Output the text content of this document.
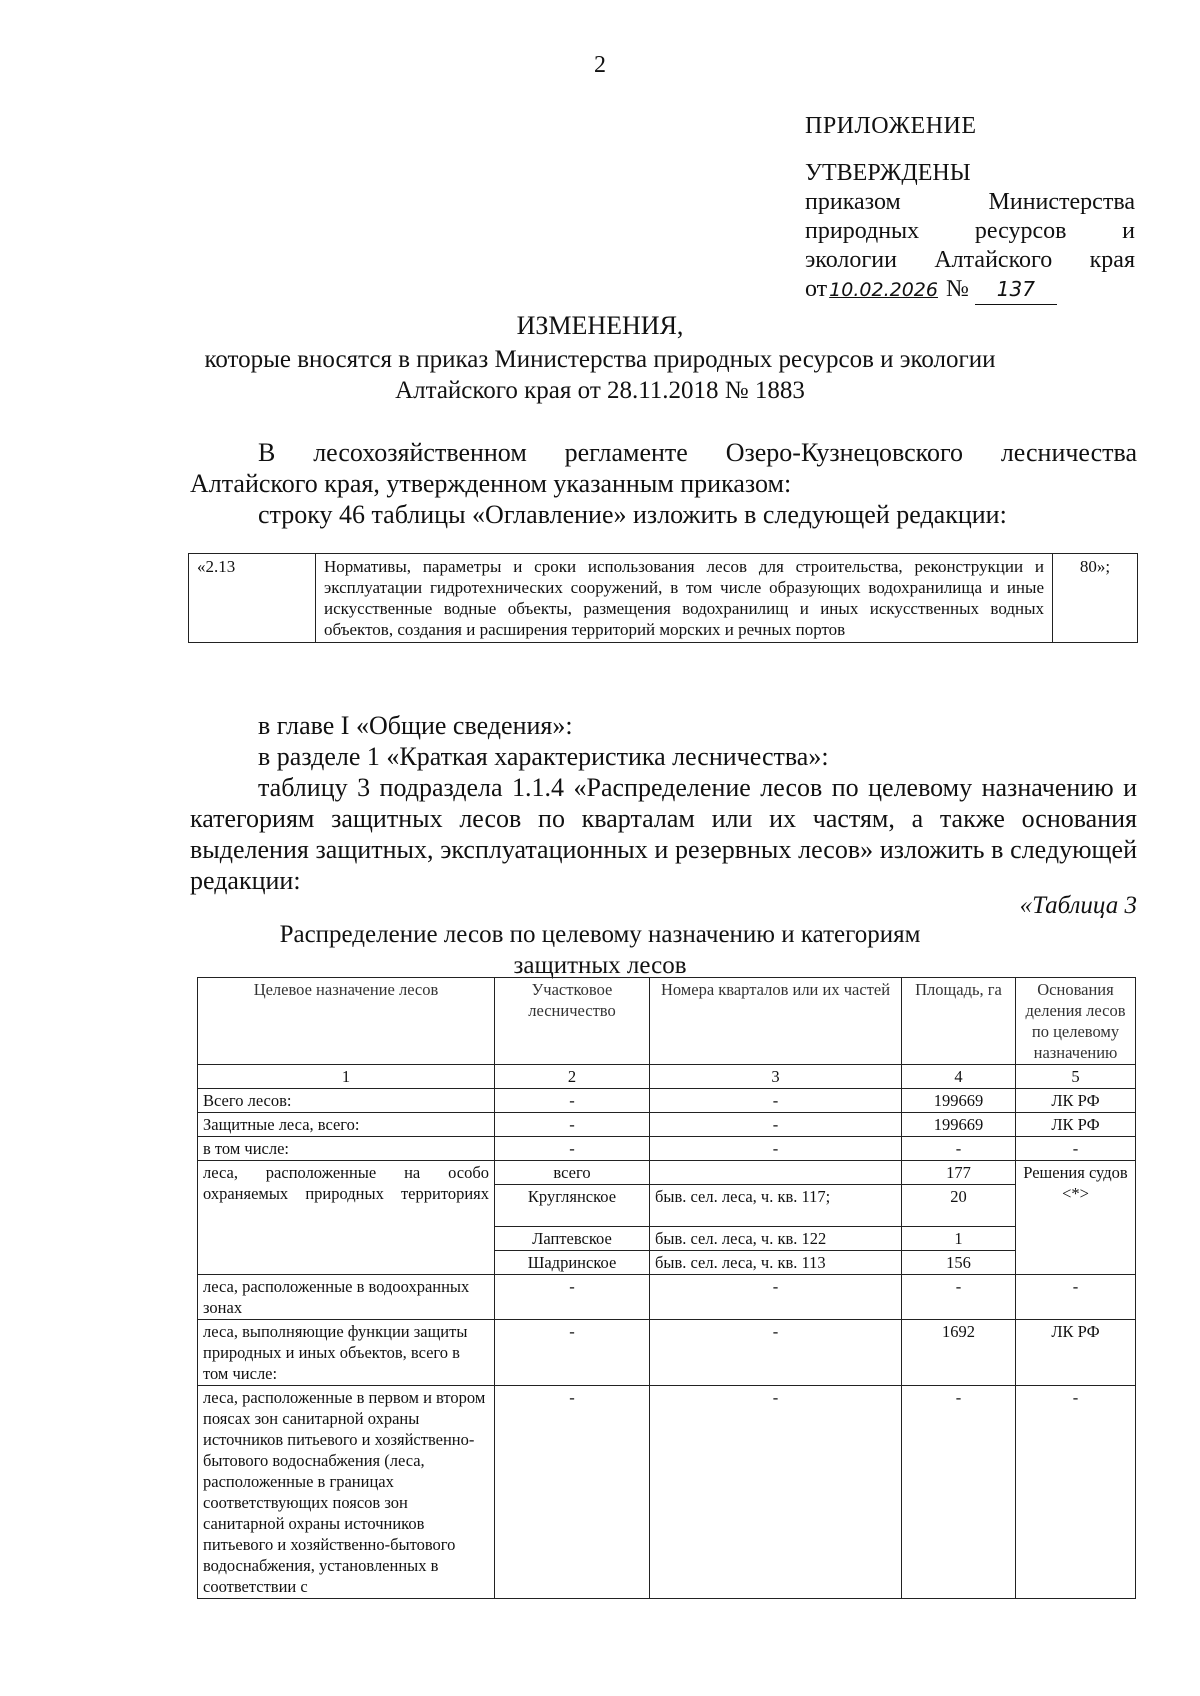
2
ПРИЛОЖЕНИЕ
УТВЕРЖДЕНЫ
приказом Министерства
природных ресурсов и
экологии Алтайского края
от 10.02.2026 № 137
ИЗМЕНЕНИЯ,
которые вносятся в приказ Министерства природных ресурсов и экологии
Алтайского края от 28.11.2018 № 1883
В лесохозяйственном регламенте Озеро-Кузнецовского лесничества
Алтайского края, утвержденном указанным приказом:
строку 46 таблицы «Оглавление» изложить в следующей редакции:
«2.13	Нормативы, параметры и сроки использования лесов для строительства, реконструкции и эксплуатации гидротехнических сооружений, в том числе образующих водохранилища и иные искусственные водные объекты, размещения водохранилищ и иных искусственных водных объектов, создания и расширения территорий морских и речных портов	80»;
в главе I «Общие сведения»:
в разделе 1 «Краткая характеристика лесничества»:
таблицу 3 подраздела 1.1.4 «Распределение лесов по целевому назначению и
категориям защитных лесов по кварталам или их частям, а также основания
выделения защитных, эксплуатационных и резервных лесов» изложить в следующей
редакции:
«Таблица 3
Распределение лесов по целевому назначению и категориям
защитных лесов
Целевое назначение лесов	Участковое лесничество	Номера кварталов или их частей	Площадь, га	Основания деления лесов по целевому назначению
1	2	3	4	5
Всего лесов:	-	-	199669	ЛК РФ
Защитные леса, всего:	-	-	199669	ЛК РФ
в том числе:	-	-	-	-
леса, расположенные на особо охраняемых природных территориях	всего		177	Решения судов <*>
	Круглянское	быв. сел. леса, ч. кв. 117;	20	
	Лаптевское	быв. сел. леса, ч. кв. 122	1	
	Шадринское	быв. сел. леса, ч. кв. 113	156	
леса, расположенные в водоохранных зонах	-	-	-	-
леса, выполняющие функции защиты природных и иных объектов, всего в том числе:	-	-	1692	ЛК РФ
леса, расположенные в первом и втором поясах зон санитарной охраны источников питьевого и хозяйственно-бытового водоснабжения (леса, расположенные в границах соответствующих поясов зон санитарной охраны источников питьевого и хозяйственно-бытового водоснабжения, установленных в соответствии с	-	-	-	-
